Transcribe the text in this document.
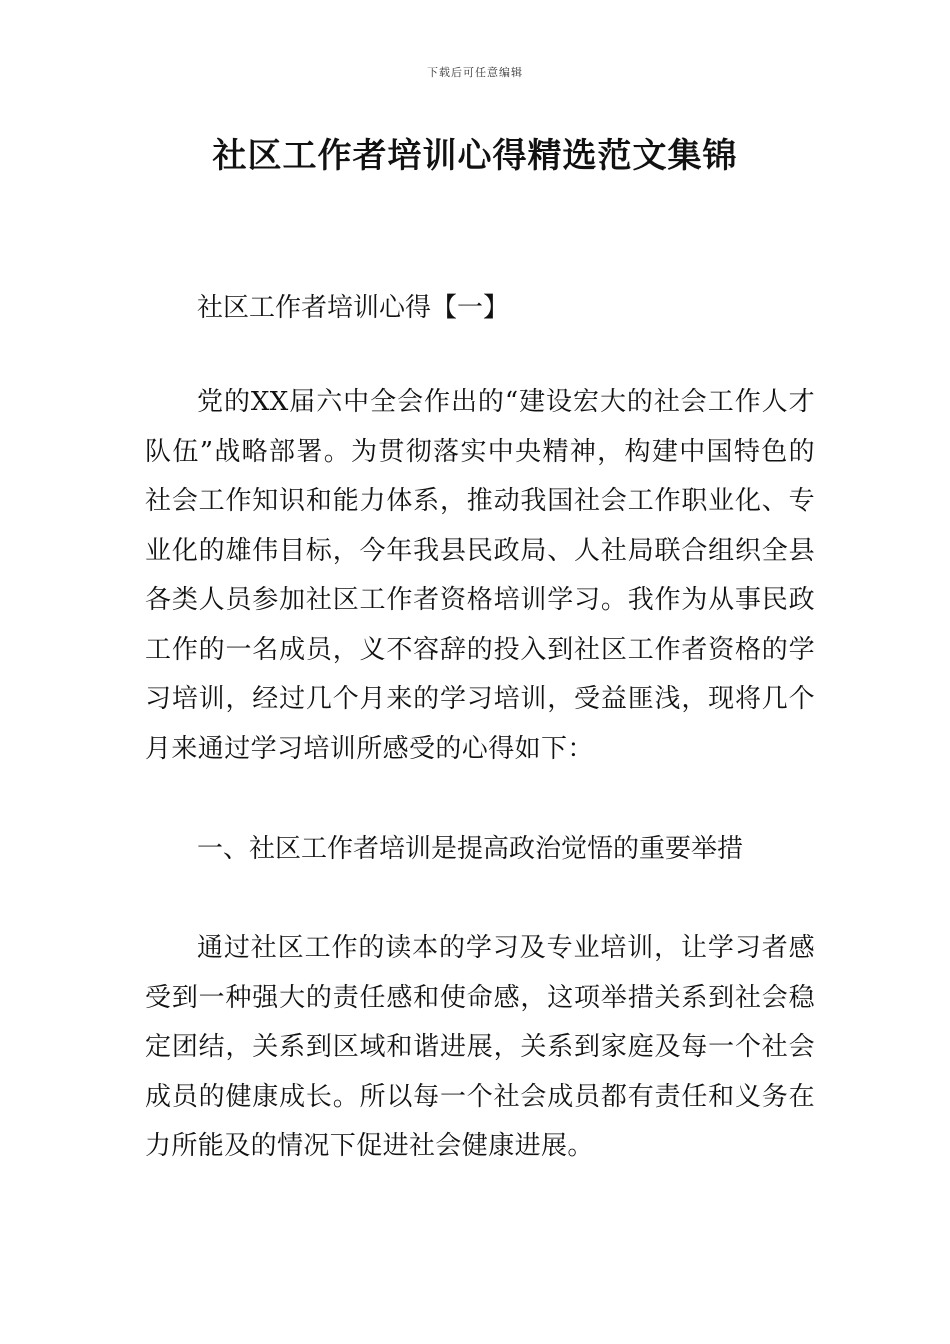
下载后可任意编辑
社区工作者培训心得精选范文集锦

社区工作者培训心得【一】

党的XX届六中全会作出的“建设宏大的社会工作人才队伍”战略部署。为贯彻落实中央精神，构建中国特色的社会工作知识和能力体系，推动我国社会工作职业化、专业化的雄伟目标，今年我县民政局、人社局联合组织全县各类人员参加社区工作者资格培训学习。我作为从事民政工作的一名成员，义不容辞的投入到社区工作者资格的学习培训，经过几个月来的学习培训，受益匪浅，现将几个月来通过学习培训所感受的心得如下：

一、社区工作者培训是提高政治觉悟的重要举措

通过社区工作的读本的学习及专业培训，让学习者感受到一种强大的责任感和使命感，这项举措关系到社会稳定团结，关系到区域和谐进展，关系到家庭及每一个社会成员的健康成长。所以每一个社会成员都有责任和义务在力所能及的情况下促进社会健康进展。
